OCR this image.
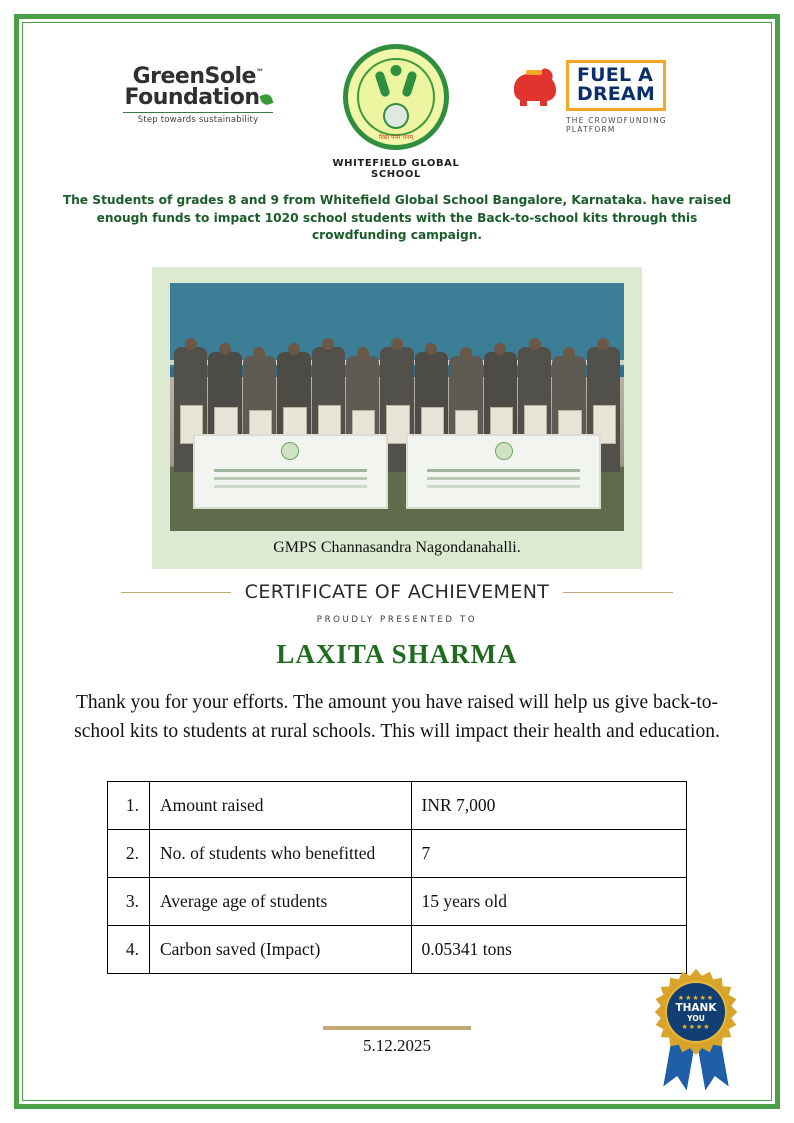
GreenSole™
Foundation
Step towards sustainability
विद्या परमं धनम्
WHITEFIELD GLOBAL SCHOOL
FUEL A
DREAM
THE CROWDFUNDING PLATFORM
The Students of grades 8 and 9 from Whitefield Global School Bangalore, Karnataka. have raised enough funds to impact 1020 school students with the Back-to-school kits through this crowdfunding campaign.
GMPS Channasandra Nagondanahalli.
CERTIFICATE OF ACHIEVEMENT
PROUDLY PRESENTED TO
LAXITA SHARMA
Thank you for your efforts. The amount you have raised will help us give back-to-school kits to students at rural schools. This will impact their health and education.
1.	Amount raised	INR 7,000
2.	No. of students who benefitted	7
3.	Average age of students	15 years old
4.	Carbon saved (Impact)	0.05341 tons
5.12.2025
★★★★★
THANK
YOU
★★★★
